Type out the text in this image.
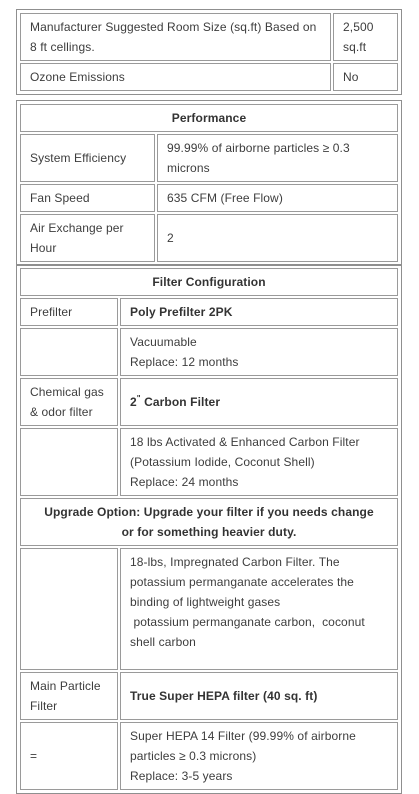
Manufacturer Suggested Room Size (sq.ft) Based on 8 ft cellings.	2,500 sq.ft
Ozone Emissions	No
Performance	
System Efficiency	99.99% of airborne particles ≥ 0.3 microns
Fan Speed	635 CFM (Free Flow)
Air Exchange per Hour	2
Filter Configuration	
Prefilter	Poly Prefilter 2PK

	Vacuumable
Replace: 12 months

Chemical gas & odor filter	2" Carbon Filter

	18 lbs Activated & Enhanced Carbon Filter (Potassium Iodide, Coconut Shell)
Replace: 24 months

Upgrade Option: Upgrade your filter if you needs change or for something heavier duty.	

	18-lbs, Impregnated Carbon Filter. The potassium permanganate accelerates the binding of lightweight gases
potassium permanganate carbon,  coconut shell carbon

Main Particle Filter	True Super HEPA filter (40 sq. ft)
=	Super HEPA 14 Filter (99.99% of airborne particles ≥ 0.3 microns)
Replace: 3-5 years
